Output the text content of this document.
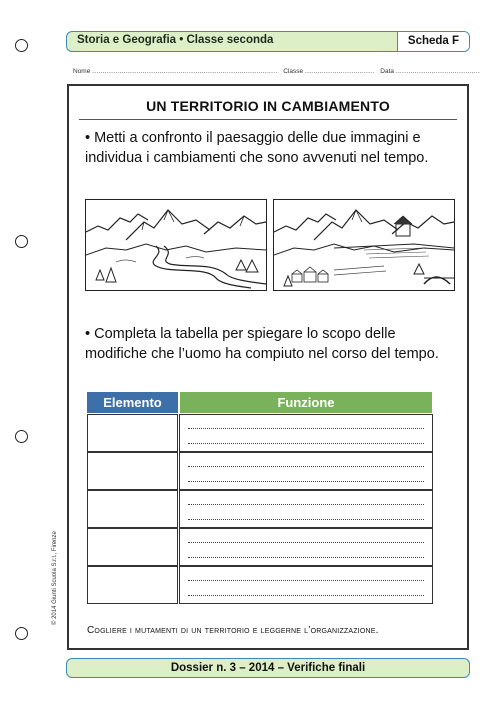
Storia e Geografia • Classe seconda	Scheda F
Nome ........................................................................................ Classe ................................. Data ........................................
UN TERRITORIO IN CAMBIAMENTO
• Metti a confronto il paesaggio delle due immagini e individua i cambiamenti che sono avvenuti nel tempo.
• Completa la tabella per spiegare lo scopo delle modifiche che l’uomo ha compiuto nel corso del tempo.
Elemento	Funzione
Cogliere i mutamenti di un territorio e leggerne l’organizzazione.
© 2014 Giunti Scuola S.r.l., Firenze
Dossier n. 3 – 2014 – Verifiche finali
